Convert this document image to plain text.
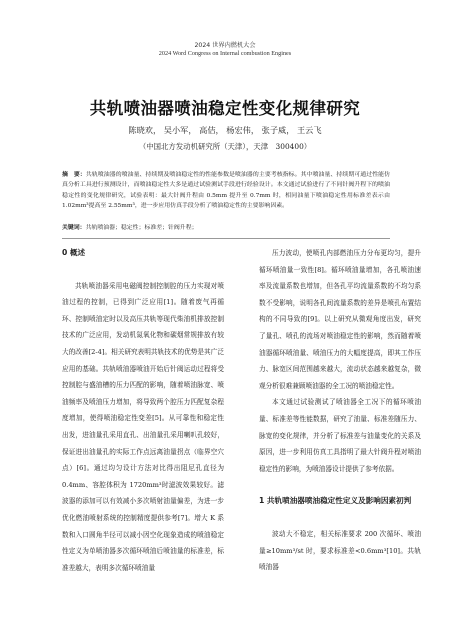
2024 世界内燃机大会
2024 Word Congress on Internal combustion Engines
共轨喷油器喷油稳定性变化规律研究
陈晓欢， 吴小军， 高佶， 杨宏伟， 张子威， 王云飞
（中国北方发动机研究所（天津），天津　300400）
摘　要：共轨喷油器的喷油量、持续期及喷油稳定性的性能参数是喷油器的主要考核指标。其中喷油量、持续期可通过性能仿真分析工具进行预测设计，而喷油稳定性大多是通过试验测试手段进行经验设计。本文通过试验进行了不同针阀升程下的喷油稳定性的变化规律研究，试验表明：最大针阀升程由 0.5mm 提升至 0.7mm 时，相同油量下喷油稳定性用标准差表示由 1.02mm³提高至 2.55mm³，进一步应用仿真手段分析了喷油稳定性的主要影响因素。
关键词：共轨喷油器；稳定性；标准差；针阀升程；
0 概述

共轨喷油器采用电磁阀控制控制腔的压力实现对喷油过程的控制，已得到广泛应用[1]。随着废气再循环、控制喷油定时以及高压共轨等现代柴油机排放控制技术的广泛应用，发动机氮氧化物和碳烟常规排放有较大的改善[2-4]。相关研究表明共轨技术的优势是其广泛应用的基础。共轨喷油器喷油开始后针阀运动过程将受控制腔与盛油槽的压力匹配的影响，随着喷油脉宽、喷油频率及喷油压力增加，将导致两个腔压力匹配复杂程度增加，使得喷油稳定性变差[5]。从可靠性和稳定性出发，进油量孔采用直孔、出油量孔采用喇叭孔较好，保证进出油量孔的实际工作点远离油量拐点（临界空穴点）[6]。通过均匀设计方法对比得出阻尼孔直径为 0.4mm、容腔体积为 1720mm³时滤波效果较好。滤波器的添加可以有效减小多次喷射油量偏差，为进一步优化燃油喷射系统的控制精度提供参考[7]。增大 K 系数和入口圆角半径可以减小因空化现象造成的喷油稳定性定义为单喷油器多次循环喷油后喷油量的标准差，标准差越大，表明多次循环喷油量

压力波动，使喷孔内部燃油压力分布更均匀，提升循环喷油量一致性[8]。循环喷油量增加，各孔喷油速率及流量系数也增加，但各孔平均流量系数的不均匀系数不受影响，说明各孔间流量系数的差异是喷孔布置结构的不同导致的[9]。以上研究从微观角度出发，研究了量孔、喷孔的流场对喷油稳定性的影响，然而随着喷油器循环喷油量、喷油压力的大幅度提高，即其工作压力、脉宽区间范围越来越大，流动状态越来越复杂，微观分析很难兼顾喷油器的全工况的喷油稳定性。

本文通过试验测试了喷油器全工况下的循环喷油量、标准差等性能数据，研究了油量、标准差随压力、脉宽的变化规律，并分析了标准差与油量变化的关系及原因，进一步利用仿真工具指明了最大针阀升程对喷油稳定性的影响，为喷油器设计提供了参考依据。

1 共轨喷油器喷油稳定性定义及影响因素初判

波动大不稳定，相关标准要求 200 次循环、喷油量≥10mm³/st 时，要求标准差<0.6mm³[10]。共轨喷油器
